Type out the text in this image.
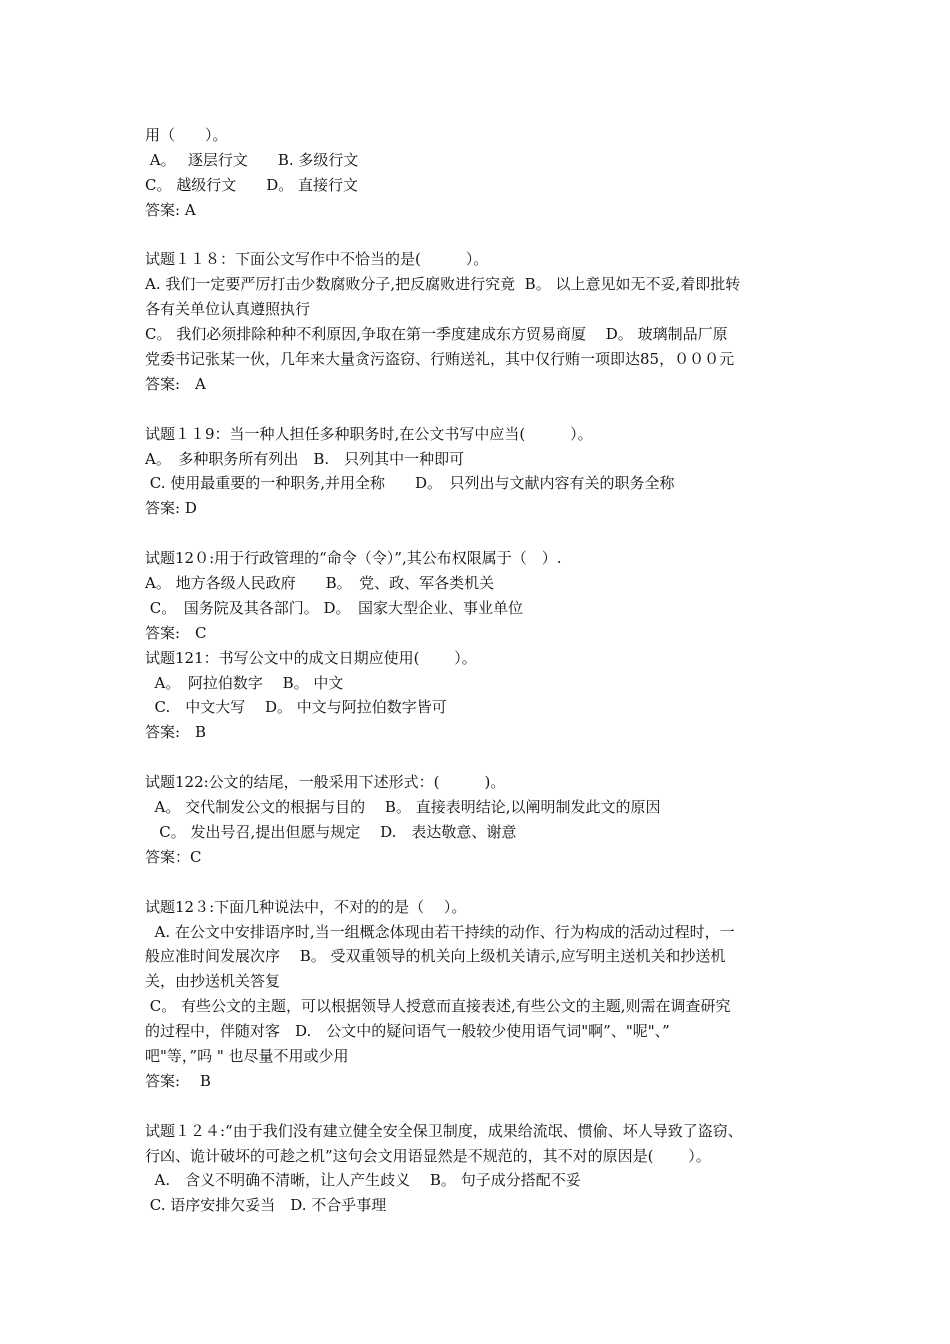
用（　　）。

A。　 逐层行文　　B. 多级行文

C。 越级行文　　D。 直接行文

答案: A

试题１１８：下面公文写作中不恰当的是(　　　）。

A. 我们一定要严厉打击少数腐败分子,把反腐败进行究竟  B。 以上意见如无不妥,着即批转

各有关单位认真遵照执行

C。 我们必须排除种种不利原因,争取在第一季度建成东方贸易商厦　 D。 玻璃制品厂原

党委书记张某一伙，几年来大量贪污盗窃、行贿送礼，其中仅行贿一项即达85，０００元

答案:　A

试题１１9：当一种人担任多种职务时,在公文书写中应当(　　　）。

A。　多种职务所有列出　B.　只列其中一种即可

C. 使用最重要的一种职务,并用全称　　D。　只列出与文献内容有关的职务全称

答案: D

试题12０:用于行政管理的“命令（令）”,其公布权限属于（　）.

A。 地方各级人民政府　　B。　党、政、军各类机关

C。　国务院及其各部门。 D。　国家大型企业、事业单位

答案:　C

试题121：书写公文中的成文日期应使用(　　 ）。

A。　阿拉伯数字　 B。 中文

C.　中文大写　 D。 中文与阿拉伯数字皆可

答案:　B

试题122:公文的结尾，一般采用下述形式：(　　　)。

A。 交代制发公文的根据与目的　 B。 直接表明结论,以阐明制发此文的原因

C。 发出号召,提出但愿与规定　 D.　表达敬意、谢意

答案：C

试题12３:下面几种说法中，不对的的是（　 ）。

A. 在公文中安排语序时,当一组概念体现由若干持续的动作、行为构成的活动过程时，一

般应准时间发展次序　 B。 受双重领导的机关向上级机关请示,应写明主送机关和抄送机

关，由抄送机关答复

C。 有些公文的主题，可以根据领导人授意而直接表述,有些公文的主题,则需在调查研究

的过程中，伴随对客　D.　公文中的疑问语气一般较少使用语气词"啊”、"呢"、”

吧"等，”吗 " 也尽量不用或少用

答案:　 B

试题１２４:“由于我们没有建立健全安全保卫制度，成果给流氓、惯偷、坏人导致了盗窃、

行凶、诡计破坏的可趁之机”这句会文用语显然是不规范的，其不对的原因是(　　 ）。

A.　含义不明确不清晰，让人产生歧义　 B。 句子成分搭配不妥

C. 语序安排欠妥当　D. 不合乎事理
